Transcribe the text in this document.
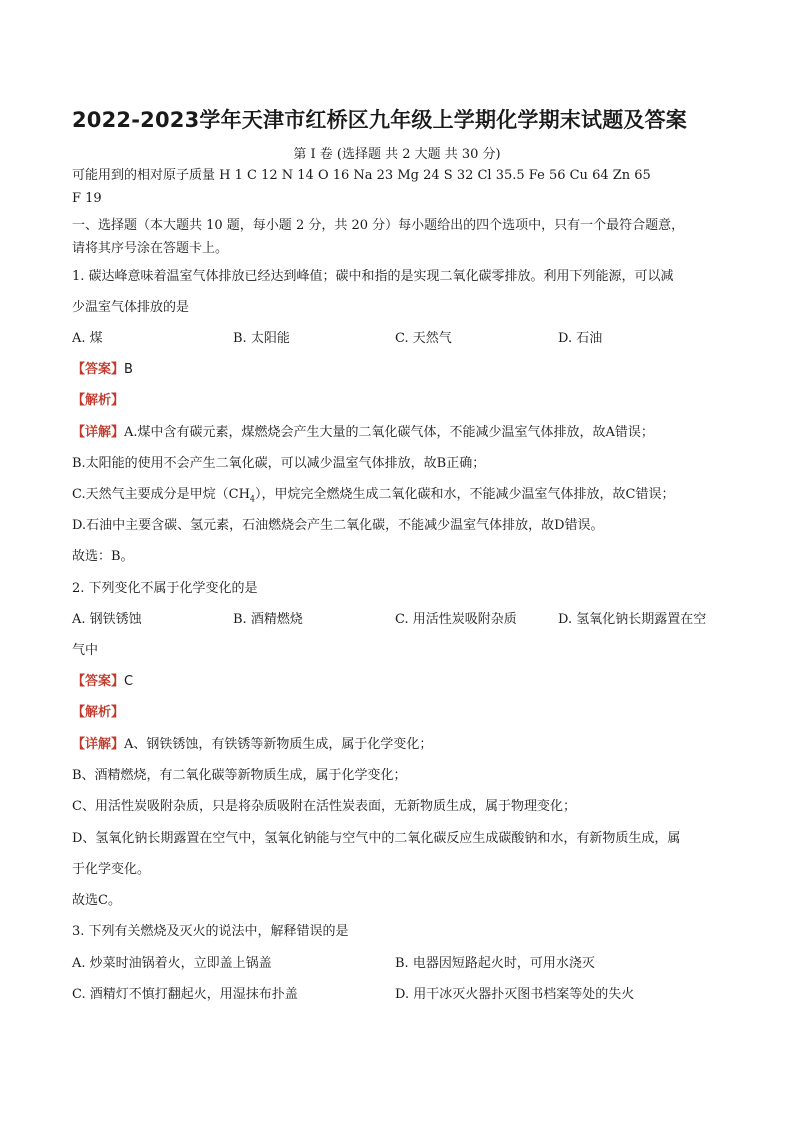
2022-2023学年天津市红桥区九年级上学期化学期末试题及答案
第 Ⅰ 卷 (选择题 共 2 大题 共 30 分)
可能用到的相对原子质量 H 1 C 12 N 14 O 16 Na 23 Mg 24 S 32 Cl 35.5 Fe 56 Cu 64 Zn 65
F 19
一、选择题（本大题共 10 题，每小题 2 分，共 20 分）每小题给出的四个选项中，只有一个最符合题意，
请将其序号涂在答题卡上。
1. 碳达峰意味着温室气体排放已经达到峰值；碳中和指的是实现二氧化碳零排放。利用下列能源，可以减
少温室气体排放的是
A. 煤	B. 太阳能	C. 天然气	D. 石油
【答案】B
【解析】
【详解】A.煤中含有碳元素，煤燃烧会产生大量的二氧化碳气体，不能减少温室气体排放，故A错误；
B.太阳能的使用不会产生二氧化碳，可以减少温室气体排放，故B正确；
C.天然气主要成分是甲烷$(CH_4)$，甲烷完全燃烧生成二氧化碳和水，不能减少温室气体排放，故C错误；
D.石油中主要含碳、氢元素，石油燃烧会产生二氧化碳，不能减少温室气体排放，故D错误。
故选：B。
2. 下列变化不属于化学变化的是
A. 钢铁锈蚀	B. 酒精燃烧	C. 用活性炭吸附杂质	D. 氢氧化钠长期露置在空
气中
【答案】C
【解析】
【详解】A、钢铁锈蚀，有铁锈等新物质生成，属于化学变化；
B、酒精燃烧，有二氧化碳等新物质生成，属于化学变化；
C、用活性炭吸附杂质，只是将杂质吸附在活性炭表面，无新物质生成，属于物理变化；
D、氢氧化钠长期露置在空气中，氢氧化钠能与空气中的二氧化碳反应生成碳酸钠和水，有新物质生成，属
于化学变化。
故选C。
3. 下列有关燃烧及灭火的说法中，解释错误的是
A. 炒菜时油锅着火，立即盖上锅盖	B. 电器因短路起火时，可用水浇灭
C. 酒精灯不慎打翻起火，用湿抹布扑盖	D. 用干冰灭火器扑灭图书档案等处的失火
